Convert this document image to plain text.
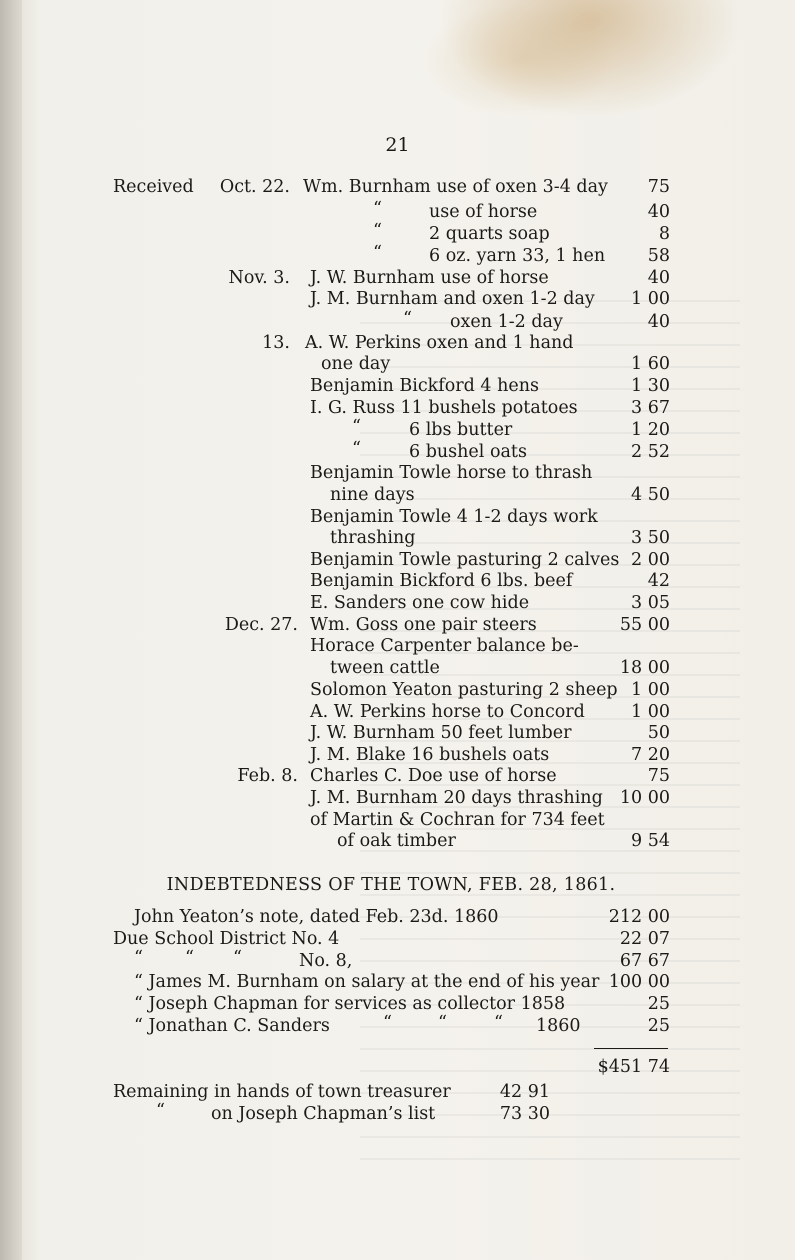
21
Received Oct. 22. Wm. Burnham use of oxen 3-4 day 75
“	use of horse	40
“	2 quarts soap	8
“	6 oz. yarn 33, 1 hen 58
Nov. 3. J. W. Burnham use of horse	40
J. M. Burnham and oxen 1-2 day 1 00
“ oxen 1-2 day	40
13. A. W. Perkins oxen and 1 hand
one day	1 60
Benjamin Bickford 4 hens	1 30
I. G. Russ 11 bushels potatoes	3 67
“	6 lbs butter	1 20
“	6 bushel oats	2 52
Benjamin Towle horse to thrash
nine days	4 50
Benjamin Towle 4 1-2 days work
thrashing	3 50
Benjamin Towle pasturing 2 calves 2 00
Benjamin Bickford 6 lbs. beef	42
E. Sanders one cow hide	3 05
Dec. 27. Wm. Goss one pair steers	55 00
Horace Carpenter balance be-
tween cattle	18 00
Solomon Yeaton pasturing 2 sheep 1 00
A. W. Perkins horse to Concord	1 00
J. W. Burnham 50 feet lumber	50
J. M. Blake 16 bushels oats	7 20
Feb. 8. Charles C. Doe use of horse	75
J. M. Burnham 20 days thrashing 10 00
of Martin & Cochran for 734 feet
of oak timber	9 54
INDEBTEDNESS OF THE TOWN, FEB. 28, 1861.
John Yeaton’s note, dated Feb. 23d. 1860	212 00
Due School District No. 4	22 07
“ “ “	No. 8,	67 67
“ James M. Burnham on salary at the end of his year 100 00
“ Joseph Chapman for services as collector 1858	25
“ Jonathan C. Sanders	“	“	“ 1860	25
$451 74
Remaining in hands of town treasurer	42 91
“	on Joseph Chapman’s list	73 30
